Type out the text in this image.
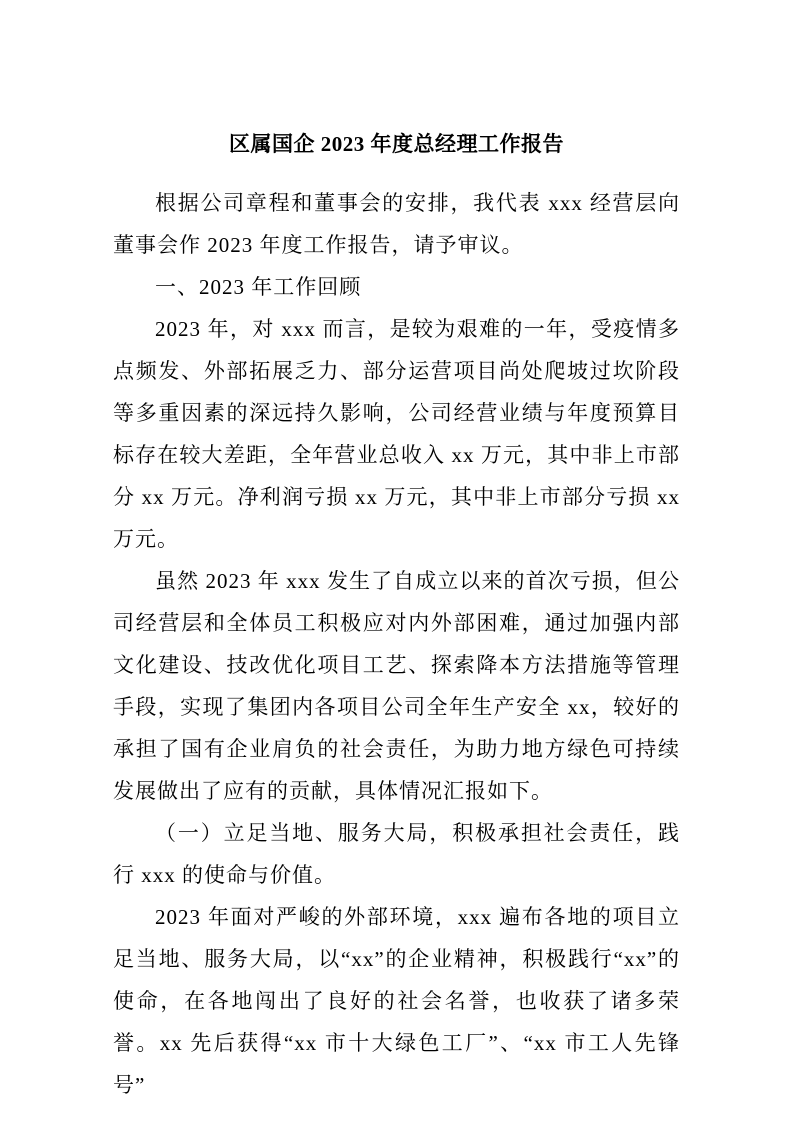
区属国企 2023 年度总经理工作报告

根据公司章程和董事会的安排，我代表 xxx 经营层向董事会作 2023 年度工作报告，请予审议。

一、2023 年工作回顾

2023 年，对 xxx 而言，是较为艰难的一年，受疫情多点频发、外部拓展乏力、部分运营项目尚处爬坡过坎阶段等多重因素的深远持久影响，公司经营业绩与年度预算目标存在较大差距，全年营业总收入 xx 万元，其中非上市部分 xx 万元。净利润亏损 xx 万元，其中非上市部分亏损 xx 万元。

虽然 2023 年 xxx 发生了自成立以来的首次亏损，但公司经营层和全体员工积极应对内外部困难，通过加强内部文化建设、技改优化项目工艺、探索降本方法措施等管理手段，实现了集团内各项目公司全年生产安全 xx，较好的承担了国有企业肩负的社会责任，为助力地方绿色可持续发展做出了应有的贡献，具体情况汇报如下。

（一）立足当地、服务大局，积极承担社会责任，践行 xxx 的使命与价值。

2023 年面对严峻的外部环境，xxx 遍布各地的项目立足当地、服务大局，以“xx”的企业精神，积极践行“xx”的使命，在各地闯出了良好的社会名誉，也收获了诸多荣誉。xx 先后获得“xx 市十大绿色工厂”、“xx 市工人先锋号”
